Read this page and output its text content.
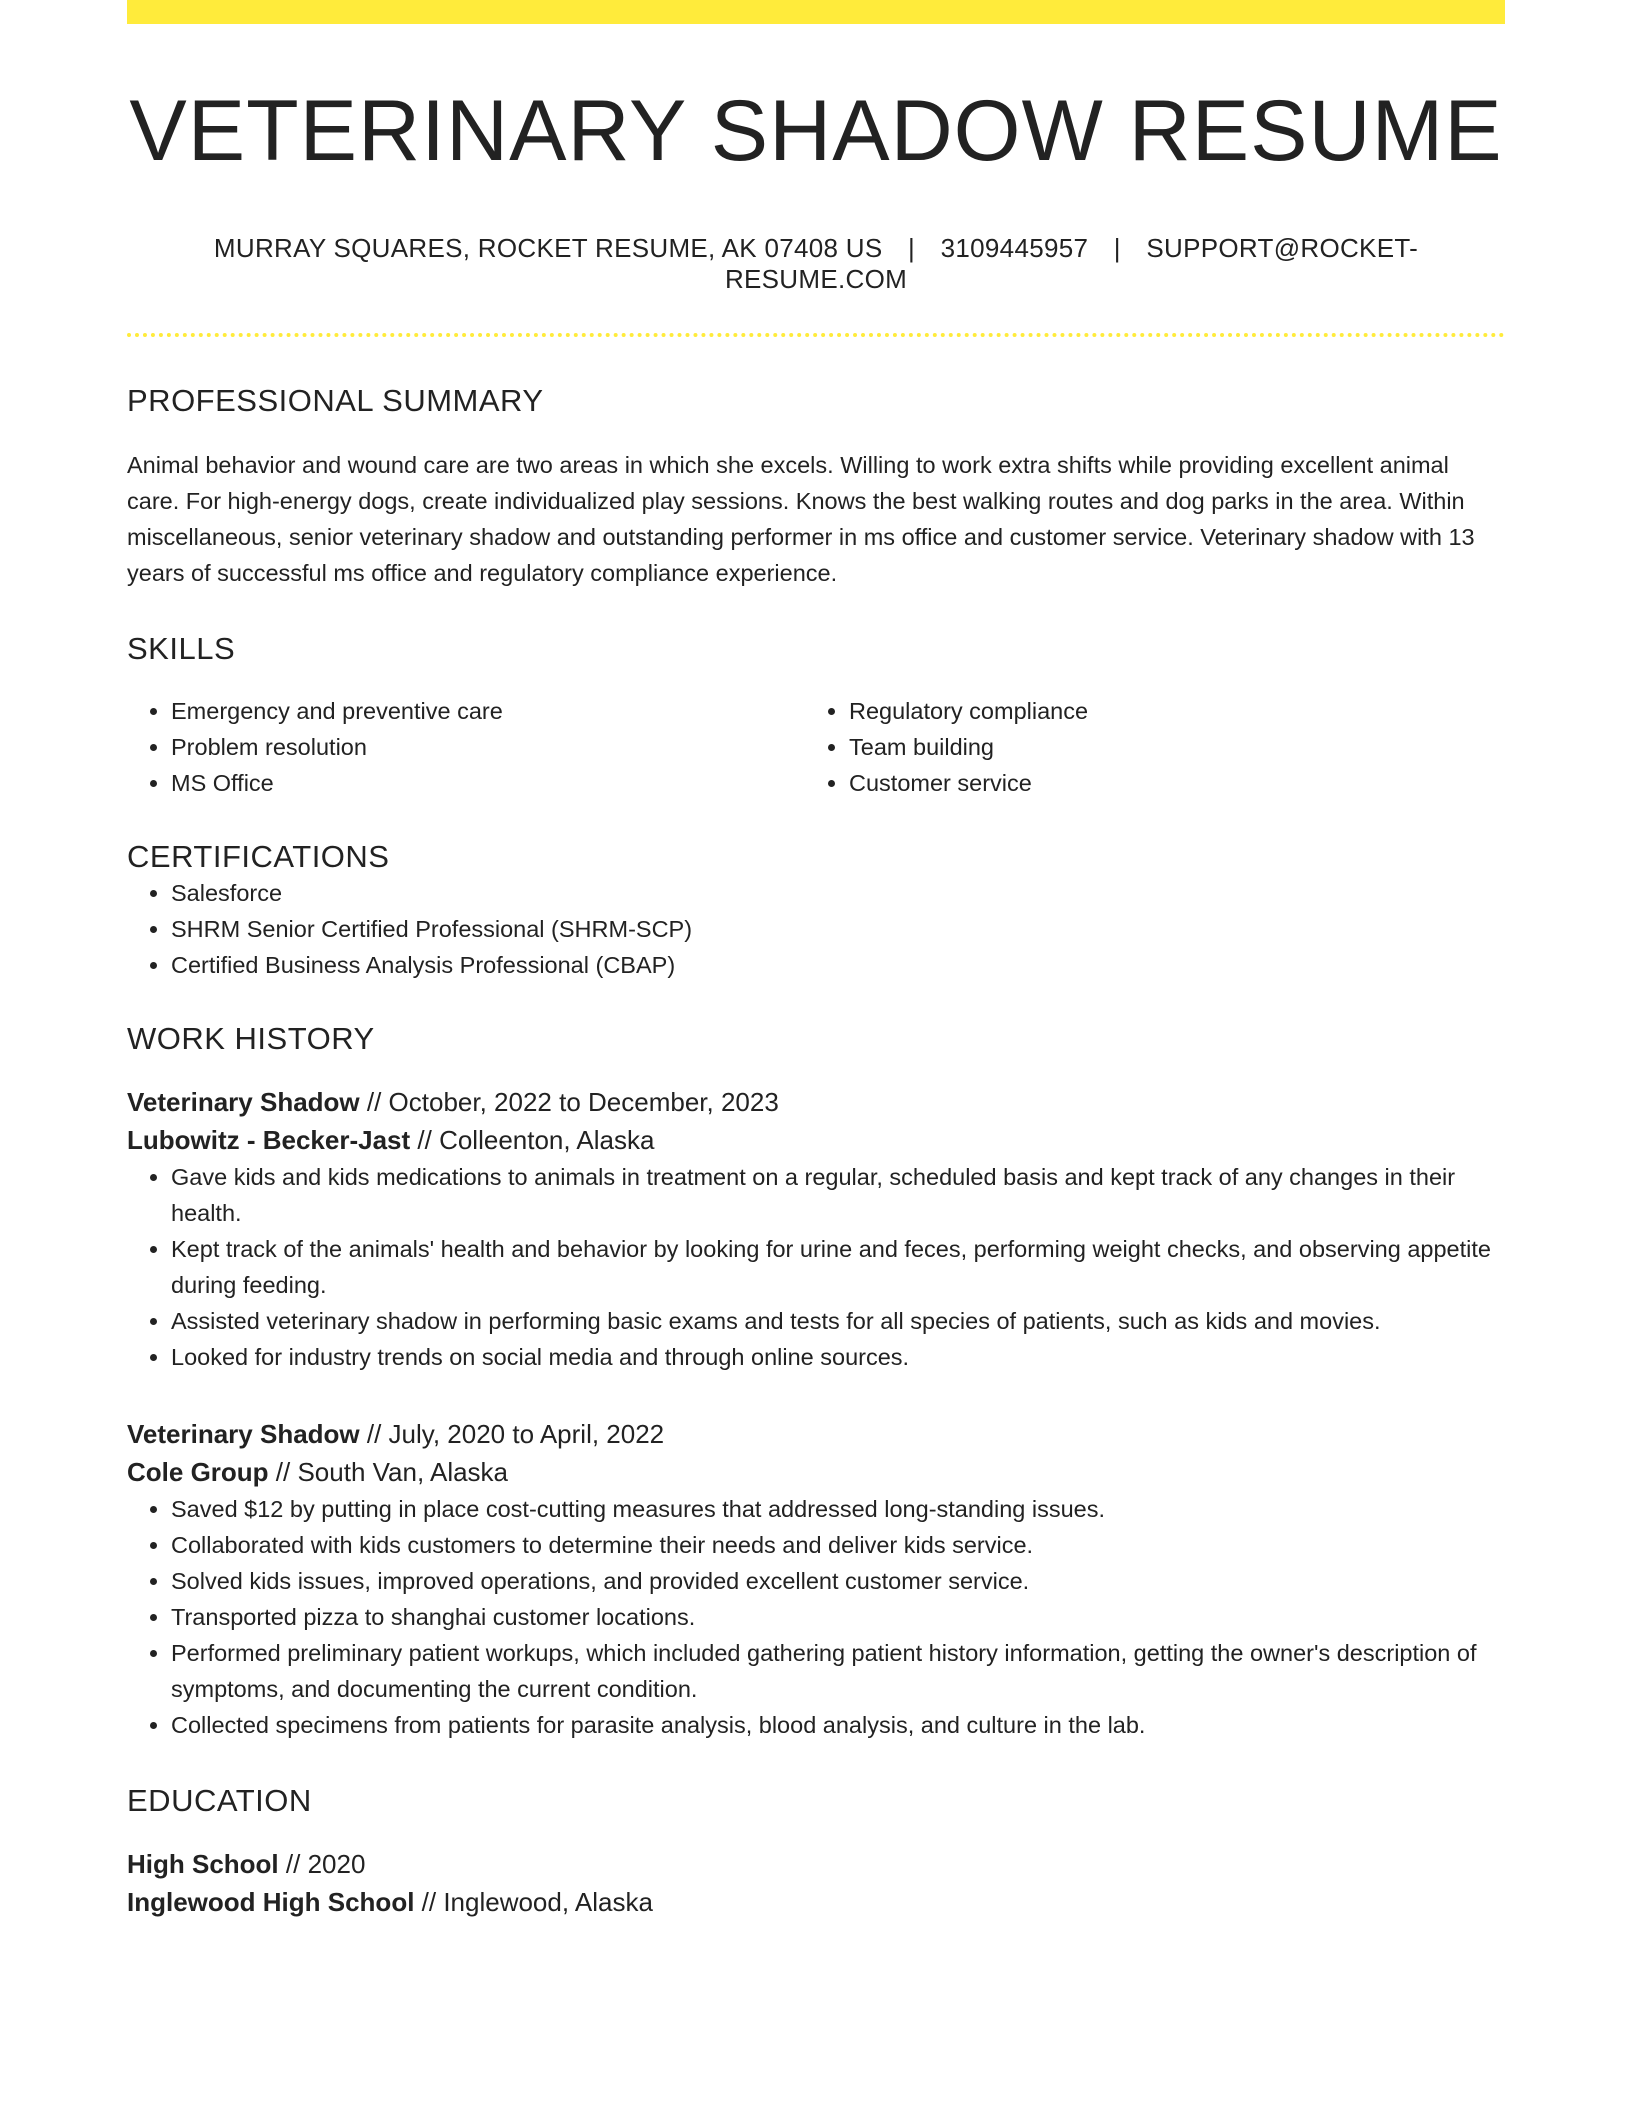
VETERINARY SHADOW RESUME
MURRAY SQUARES, ROCKET RESUME, AK 07408 US | 3109445957 | SUPPORT@ROCKET-RESUME.COM
PROFESSIONAL SUMMARY

Animal behavior and wound care are two areas in which she excels. Willing to work extra shifts while providing excellent animal care. For high-energy dogs, create individualized play sessions. Knows the best walking routes and dog parks in the area. Within miscellaneous, senior veterinary shadow and outstanding performer in ms office and customer service. Veterinary shadow with 13 years of successful ms office and regulatory compliance experience.

SKILLS
• Emergency and preventive care
• Problem resolution
• MS Office
• Regulatory compliance
• Team building
• Customer service
CERTIFICATIONS
• Salesforce
• SHRM Senior Certified Professional (SHRM-SCP)
• Certified Business Analysis Professional (CBAP)
WORK HISTORY
Veterinary Shadow // October, 2022 to December, 2023
Lubowitz - Becker-Jast // Colleenton, Alaska
• Gave kids and kids medications to animals in treatment on a regular, scheduled basis and kept track of any changes in their health.
• Kept track of the animals' health and behavior by looking for urine and feces, performing weight checks, and observing appetite during feeding.
• Assisted veterinary shadow in performing basic exams and tests for all species of patients, such as kids and movies.
• Looked for industry trends on social media and through online sources.
Veterinary Shadow // July, 2020 to April, 2022
Cole Group // South Van, Alaska
• Saved $12 by putting in place cost-cutting measures that addressed long-standing issues.
• Collaborated with kids customers to determine their needs and deliver kids service.
• Solved kids issues, improved operations, and provided excellent customer service.
• Transported pizza to shanghai customer locations.
• Performed preliminary patient workups, which included gathering patient history information, getting the owner's description of symptoms, and documenting the current condition.
• Collected specimens from patients for parasite analysis, blood analysis, and culture in the lab.
EDUCATION
High School // 2020
Inglewood High School // Inglewood, Alaska
